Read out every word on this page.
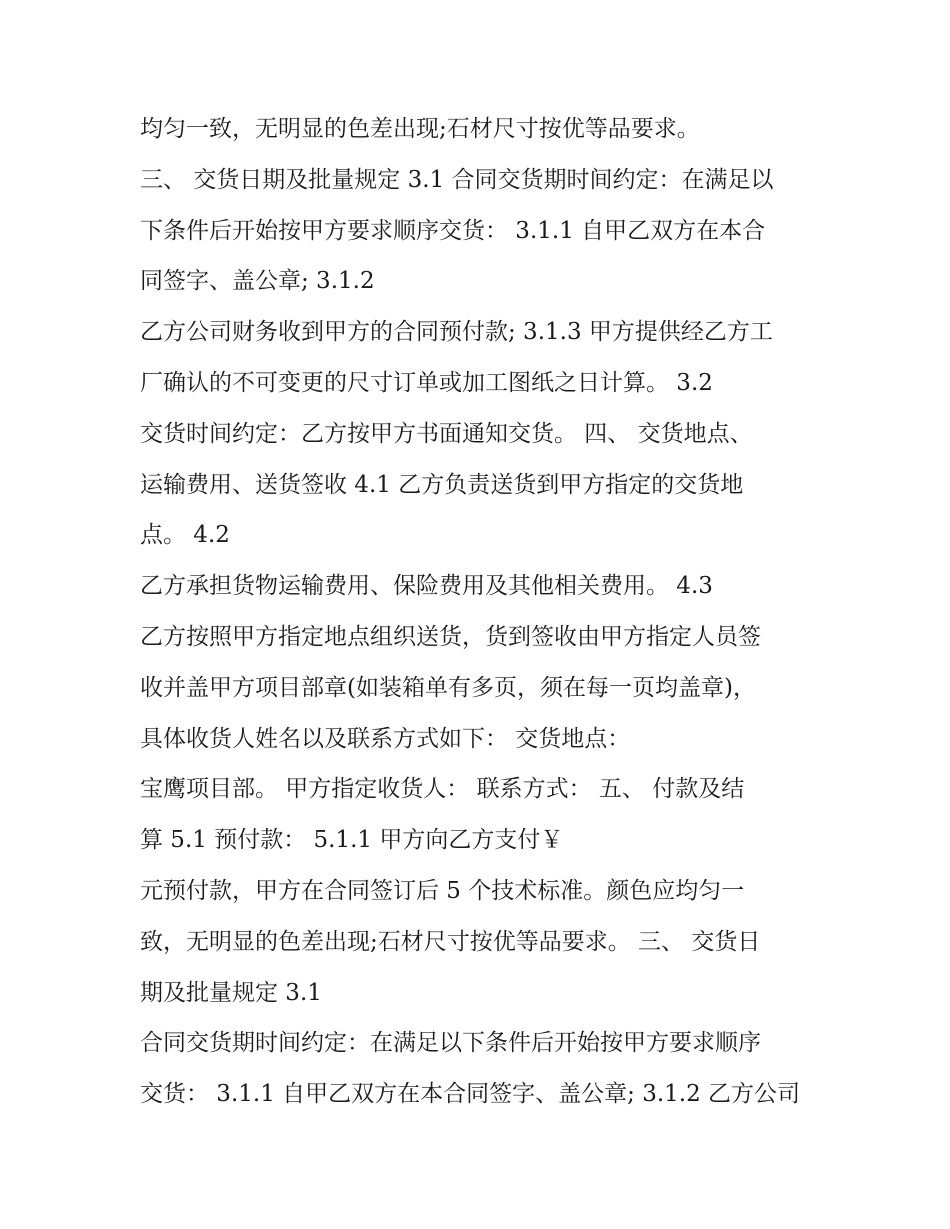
均匀一致，无明显的色差出现;石材尺寸按优等品要求。
三、 交货日期及批量规定 3.1 合同交货期时间约定：在满足以
下条件后开始按甲方要求顺序交货： 3.1.1 自甲乙双方在本合
同签字、盖公章; 3.1.2
乙方公司财务收到甲方的合同预付款; 3.1.3 甲方提供经乙方工
厂确认的不可变更的尺寸订单或加工图纸之日计算。 3.2
交货时间约定：乙方按甲方书面通知交货。 四、 交货地点、
运输费用、送货签收 4.1 乙方负责送货到甲方指定的交货地
点。 4.2
乙方承担货物运输费用、保险费用及其他相关费用。 4.3
乙方按照甲方指定地点组织送货，货到签收由甲方指定人员签
收并盖甲方项目部章(如装箱单有多页，须在每一页均盖章)，
具体收货人姓名以及联系方式如下： 交货地点：
宝鹰项目部。 甲方指定收货人： 联系方式： 五、 付款及结
算 5.1 预付款： 5.1.1 甲方向乙方支付￥
元预付款，甲方在合同签订后 5 个技术标准。颜色应均匀一
致，无明显的色差出现;石材尺寸按优等品要求。 三、 交货日
期及批量规定 3.1
合同交货期时间约定：在满足以下条件后开始按甲方要求顺序
交货： 3.1.1 自甲乙双方在本合同签字、盖公章; 3.1.2 乙方公司
